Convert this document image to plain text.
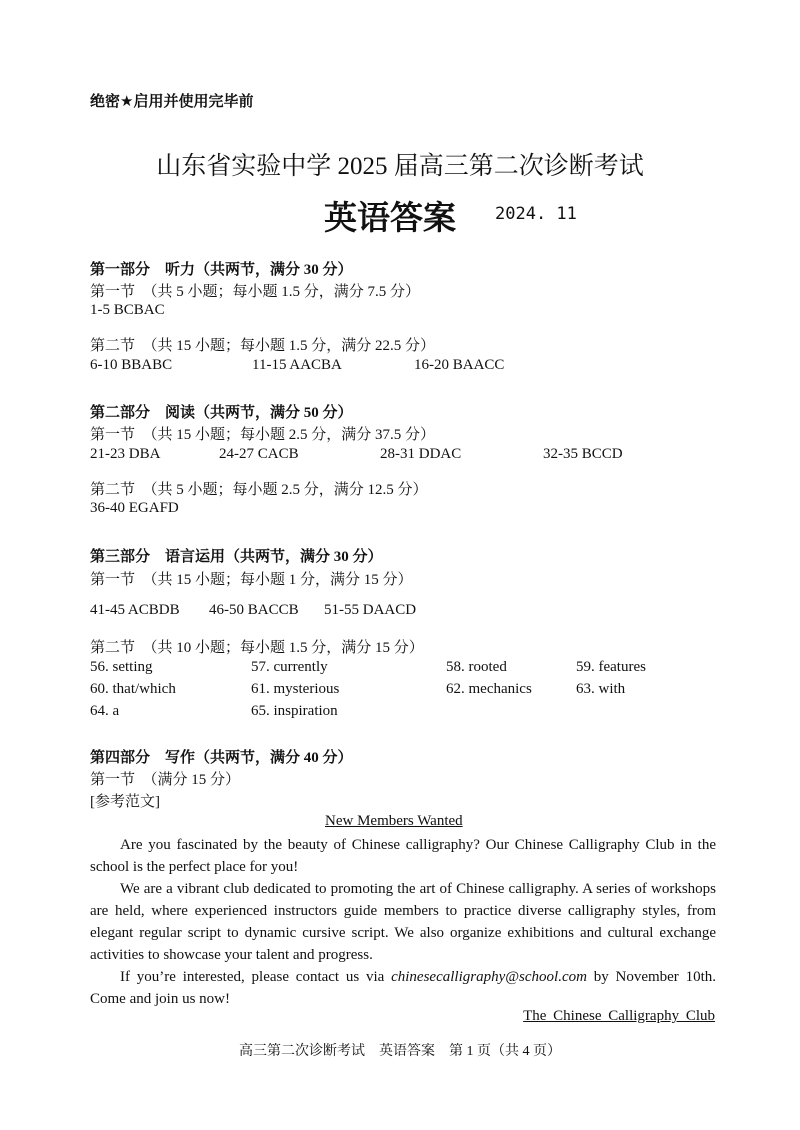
绝密★启用并使用完毕前
山东省实验中学 2025 届高三第二次诊断考试
英语答案 2024. 11
第一部分　听力（共两节，满分 30 分）
第一节　（共 5 小题；每小题 1.5 分，满分 7.5 分）
1-5 BCBAC
第二节　（共 15 小题；每小题 1.5 分，满分 22.5 分）
6-10 BBABC	11-15 AACBA	16-20 BAACC
第二部分　阅读（共两节，满分 50 分）
第一节　（共 15 小题；每小题 2.5 分，满分 37.5 分）
21-23 DBA	24-27 CACB	28-31 DDAC	32-35 BCCD
第二节　（共 5 小题；每小题 2.5 分，满分 12.5 分）
36-40 EGAFD
第三部分　语言运用（共两节，满分 30 分）
第一节　（共 15 小题；每小题 1 分，满分 15 分）
41-45 ACBDB 46-50 BACCB 51-55 DAACD
第二节　（共 10 小题；每小题 1.5 分，满分 15 分）
56. setting	57. currently	58. rooted	59. features
60. that/which	61. mysterious	62. mechanics	63. with
64. a	65. inspiration
第四部分　写作（共两节，满分 40 分）
第一节　（满分 15 分）
[参考范文]
New Members Wanted

Are you fascinated by the beauty of Chinese calligraphy? Our Chinese Calligraphy Club in the school is the perfect place for you!

We are a vibrant club dedicated to promoting the art of Chinese calligraphy. A series of workshops are held, where experienced instructors guide members to practice diverse calligraphy styles, from elegant regular script to dynamic cursive script. We also organize exhibitions and cultural exchange activities to showcase your talent and progress.

If you’re interested, please contact us via chinesecalligraphy@school.com by November 10th. Come and join us now!

The Chinese Calligraphy Club
高三第二次诊断考试　英语答案　第 1 页（共 4 页）
